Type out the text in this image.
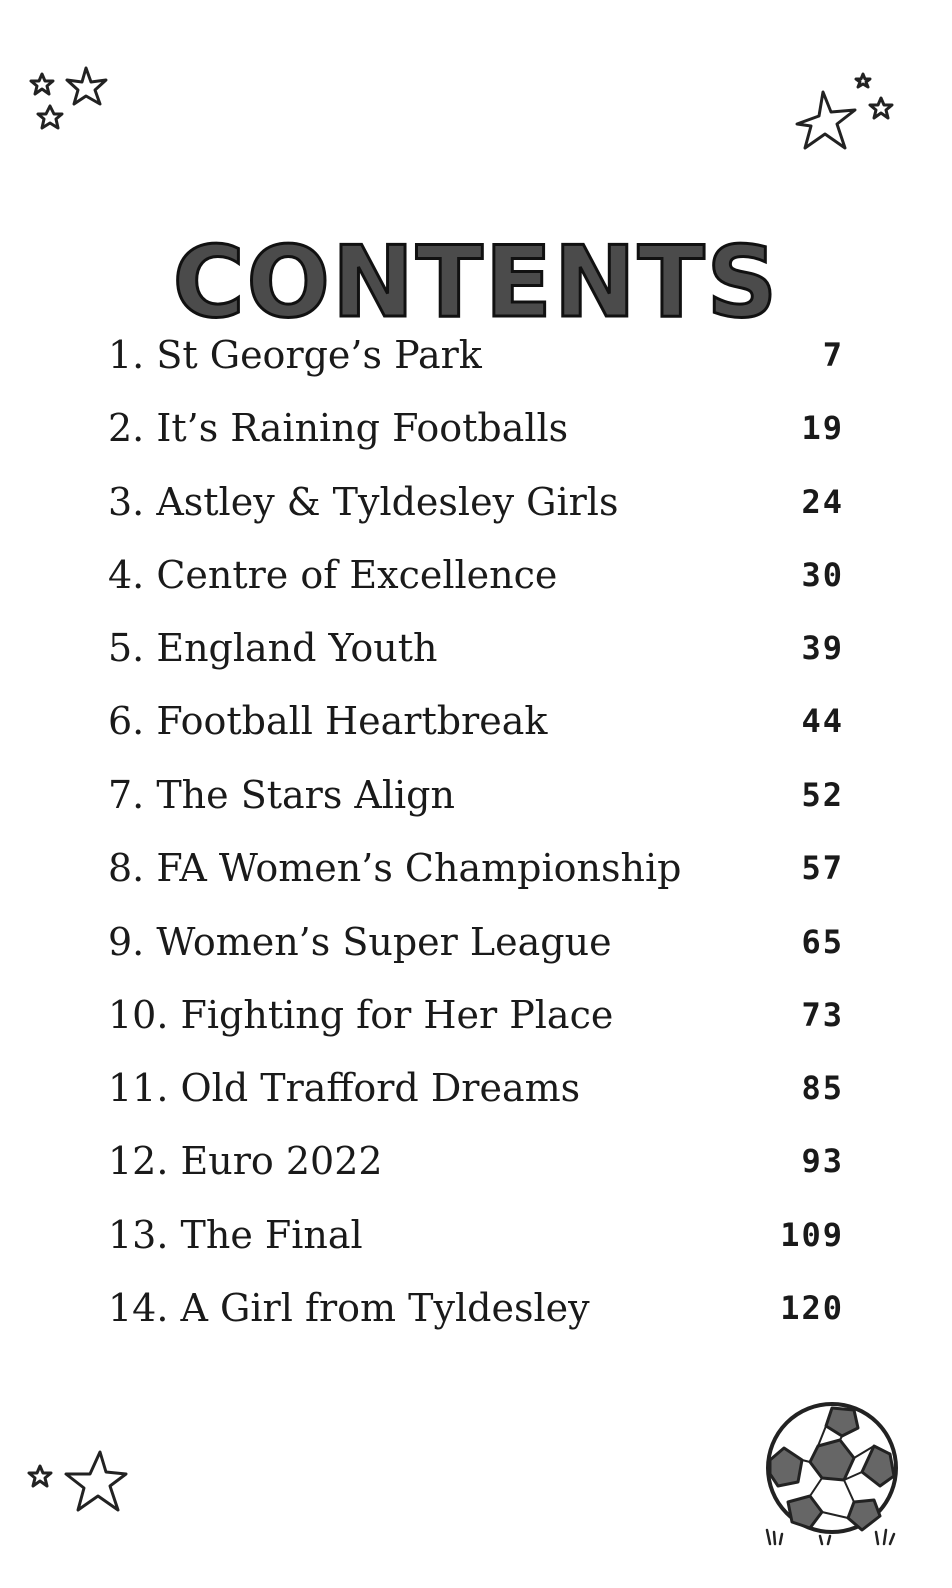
CONTENTS
1. St George’s Park	7
2. It’s Raining Footballs	19
3. Astley & Tyldesley Girls	24
4. Centre of Excellence	30
5. England Youth	39
6. Football Heartbreak	44
7. The Stars Align	52
8. FA Women’s Championship	57
9. Women’s Super League	65
10. Fighting for Her Place	73
11. Old Trafford Dreams	85
12. Euro 2022	93
13. The Final	109
14. A Girl from Tyldesley	120
